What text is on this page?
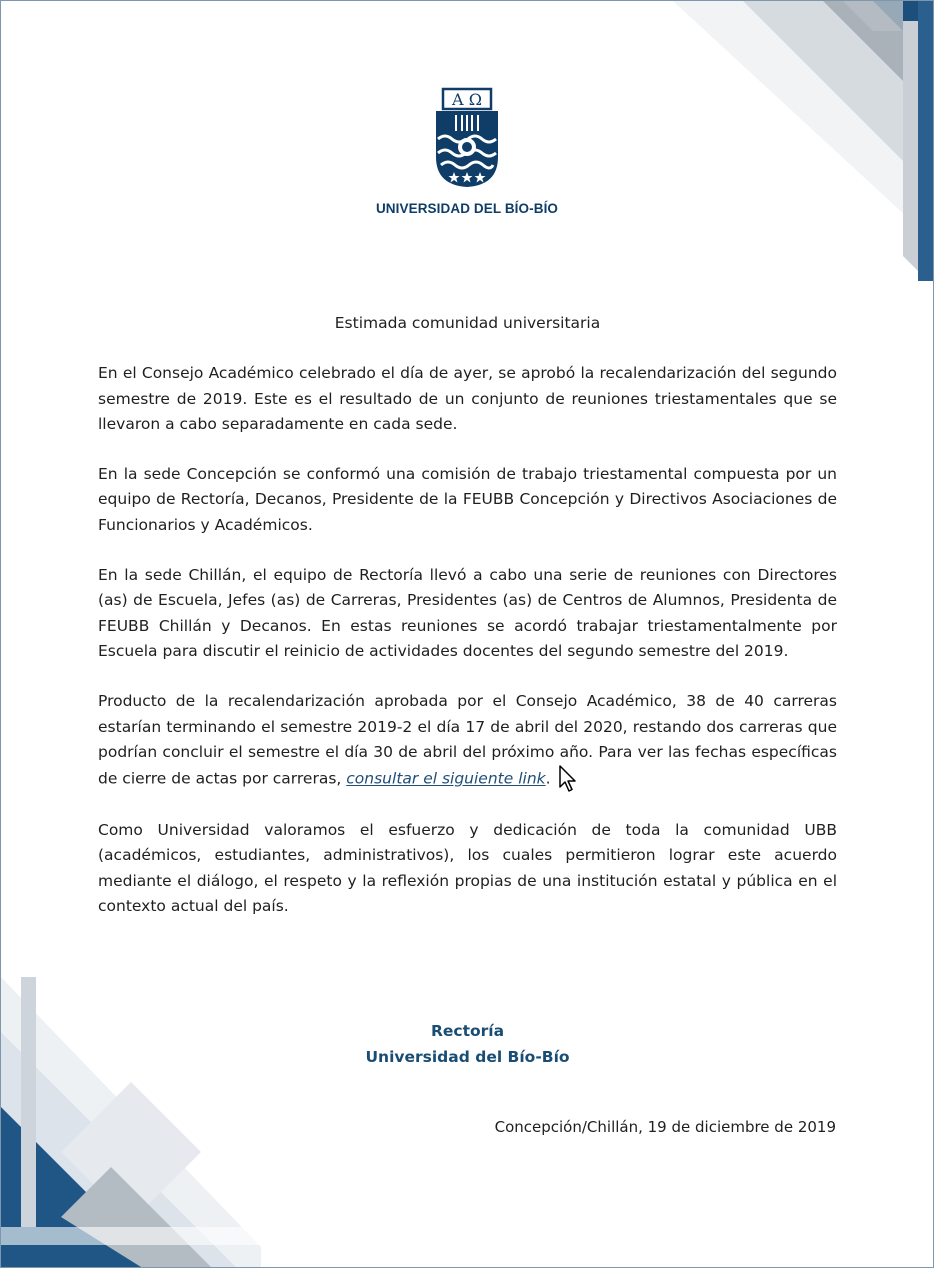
A Ω
UNIVERSIDAD DEL BÍO-BÍO
Estimada comunidad universitaria

En el Consejo Académico celebrado el día de ayer, se aprobó la recalendarización del segundo semestre de 2019. Este es el resultado de un conjunto de reuniones triestamentales que se llevaron a cabo separadamente en cada sede.

En la sede Concepción se conformó una comisión de trabajo triestamental compuesta por un equipo de Rectoría, Decanos, Presidente de la FEUBB Concepción y Directivos Asociaciones de Funcionarios y Académicos.

En la sede Chillán, el equipo de Rectoría llevó a cabo una serie de reuniones con Directores (as) de Escuela, Jefes (as) de Carreras, Presidentes (as) de Centros de Alumnos, Presidenta de FEUBB Chillán y Decanos. En estas reuniones se acordó trabajar triestamentalmente por Escuela para discutir el reinicio de actividades docentes del segundo semestre del 2019.

Producto de la recalendarización aprobada por el Consejo Académico, 38 de 40 carreras estarían terminando el semestre 2019-2 el día 17 de abril del 2020, restando dos carreras que podrían concluir el semestre el día 30 de abril del próximo año. Para ver las fechas específicas de cierre de actas por carreras, consultar el siguiente link.

Como Universidad valoramos el esfuerzo y dedicación de toda la comunidad UBB (académicos, estudiantes, administrativos), los cuales permitieron lograr este acuerdo mediante el diálogo, el respeto y la reflexión propias de una institución estatal y pública en el contexto actual del país.

Rectoría
Universidad del Bío-Bío
Concepción/Chillán, 19 de diciembre de 2019
